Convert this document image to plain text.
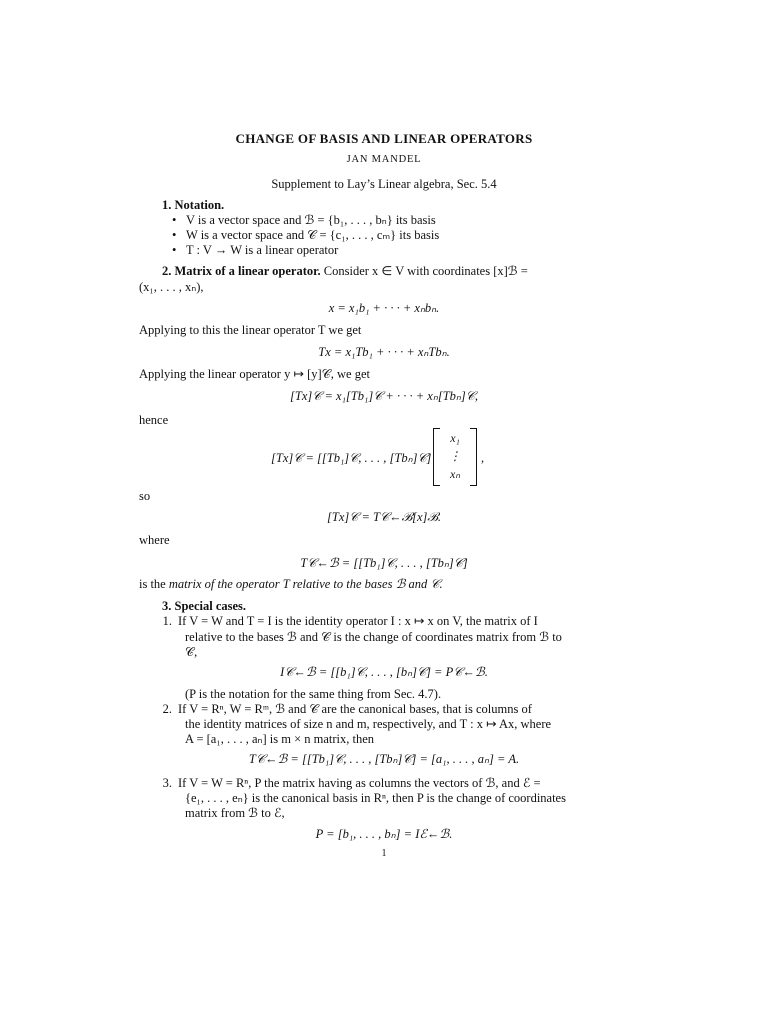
CHANGE OF BASIS AND LINEAR OPERATORS
JAN MANDEL
Supplement to Lay’s Linear algebra, Sec. 5.4
1. Notation.
• V is a vector space and ℬ = {b₁, . . . , bₙ} its basis
• W is a vector space and 𝒞 = {c₁, . . . , cₘ} its basis
• T : V → W is a linear operator
2. Matrix of a linear operator. Consider x ∈ V with coordinates [x]ℬ =
(x₁, . . . , xₙ),
x = x₁b₁ + · · · + xₙbₙ.
Applying to this the linear operator T we get
Tx = x₁Tb₁ + · · · + xₙTbₙ.
Applying the linear operator y ↦ [y]𝒞, we get
[Tx]𝒞 = x₁[Tb₁]𝒞 + · · · + xₙ[Tbₙ]𝒞,
hence
[Tx]𝒞 = [[Tb₁]𝒞, . . . , [Tbₙ]𝒞]
x₁
⋮
xₙ
,
so
[Tx]𝒞 = T𝒞←ℬ[x]ℬ.
where
T𝒞←ℬ = [[Tb₁]𝒞, . . . , [Tbₙ]𝒞]
is the matrix of the operator T relative to the bases ℬ and 𝒞.
3. Special cases.
1. If V = W and T = I is the identity operator I : x ↦ x on V, the matrix of I
relative to the bases ℬ and 𝒞 is the change of coordinates matrix from ℬ to
𝒞,
I𝒞←ℬ = [[b₁]𝒞, . . . , [bₙ]𝒞] = P𝒞←ℬ.
(P is the notation for the same thing from Sec. 4.7).
2. If V = Rⁿ, W = Rᵐ, ℬ and 𝒞 are the canonical bases, that is columns of
the identity matrices of size n and m, respectively, and T : x ↦ Ax, where
A = [a₁, . . . , aₙ] is m × n matrix, then
T𝒞←ℬ = [[Tb₁]𝒞, . . . , [Tbₙ]𝒞] = [a₁, . . . , aₙ] = A.
3. If V = W = Rⁿ, P the matrix having as columns the vectors of ℬ, and ℰ =
{e₁, . . . , eₙ} is the canonical basis in Rⁿ, then P is the change of coordinates
matrix from ℬ to ℰ,
P = [b₁, . . . , bₙ] = Iℰ←ℬ.
1
